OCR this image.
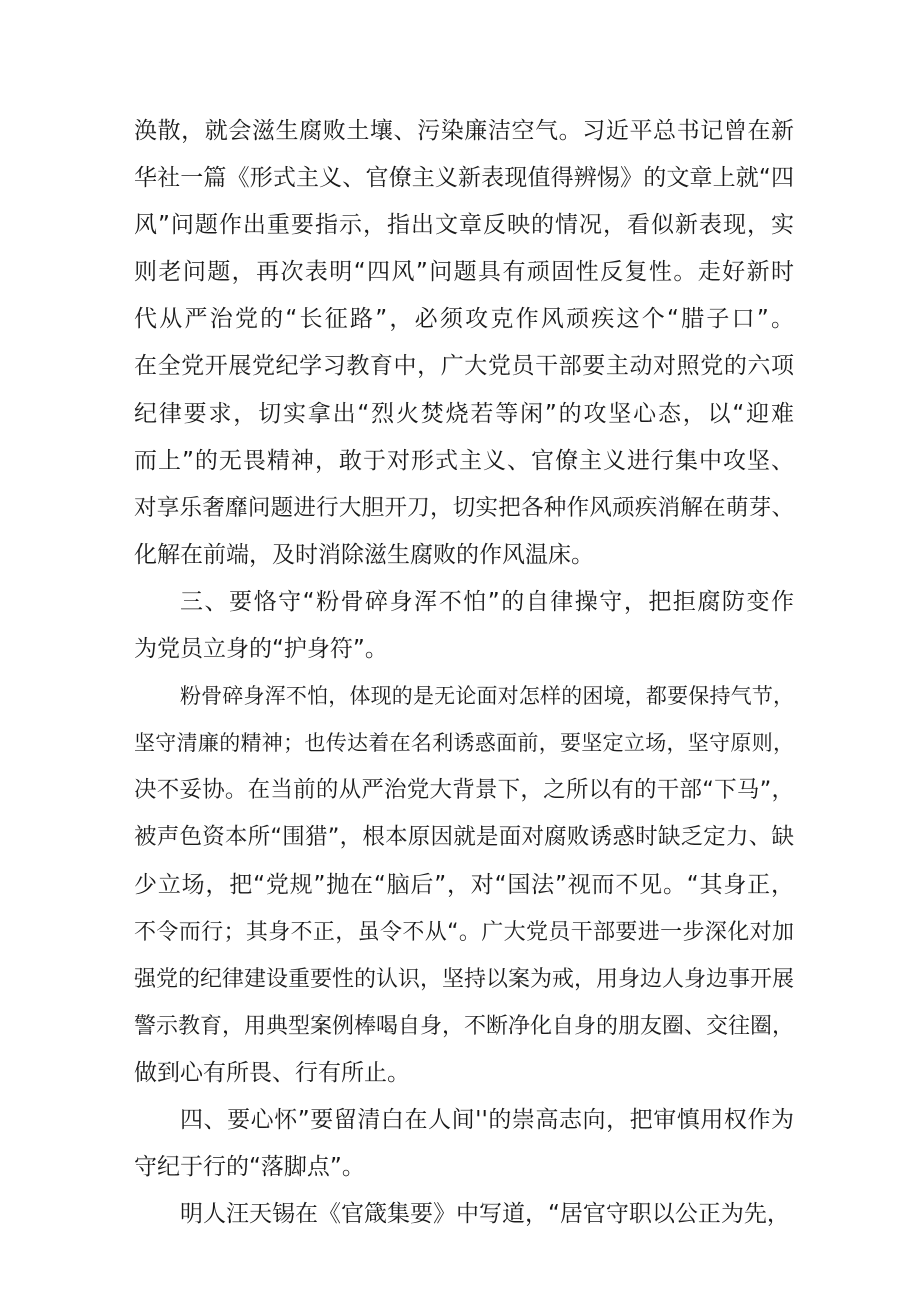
涣散，就会滋生腐败土壤、污染廉洁空气。习近平总书记曾在新
华社一篇《形式主义、官僚主义新表现值得辨惕》的文章上就“四
风”问题作出重要指示，指出文章反映的情况，看似新表现，实
则老问题，再次表明“四风”问题具有顽固性反复性。走好新时
代从严治党的“长征路”，必须攻克作风顽疾这个“腊子口”。
在全党开展党纪学习教育中，广大党员干部要主动对照党的六项
纪律要求，切实拿出“烈火焚烧若等闲”的攻坚心态，以“迎难
而上”的无畏精神，敢于对形式主义、官僚主义进行集中攻坚、
对享乐奢靡问题进行大胆开刀，切实把各种作风顽疾消解在萌芽、
化解在前端，及时消除滋生腐败的作风温床。
三、要恪守“粉骨碎身浑不怕”的自律操守，把拒腐防变作
为党员立身的“护身符”。
粉骨碎身浑不怕，体现的是无论面对怎样的困境，都要保持气节，
坚守清廉的精神；也传达着在名利诱惑面前，要坚定立场，坚守原则，
决不妥协。在当前的从严治党大背景下，之所以有的干部“下马”，
被声色资本所“围猎”，根本原因就是面对腐败诱惑时缺乏定力、缺
少立场，把“党规”抛在“脑后”，对“国法”视而不见。“其身正，
不令而行；其身不正，虽令不从“。广大党员干部要进一步深化对加
强党的纪律建设重要性的认识，坚持以案为戒，用身边人身边事开展
警示教育，用典型案例棒喝自身，不断净化自身的朋友圈、交往圈，
做到心有所畏、行有所止。
四、要心怀”要留清白在人间''的崇高志向，把审慎用权作为
守纪于行的“落脚点”。
明人汪天锡在《官箴集要》中写道，“居官守职以公正为先，
